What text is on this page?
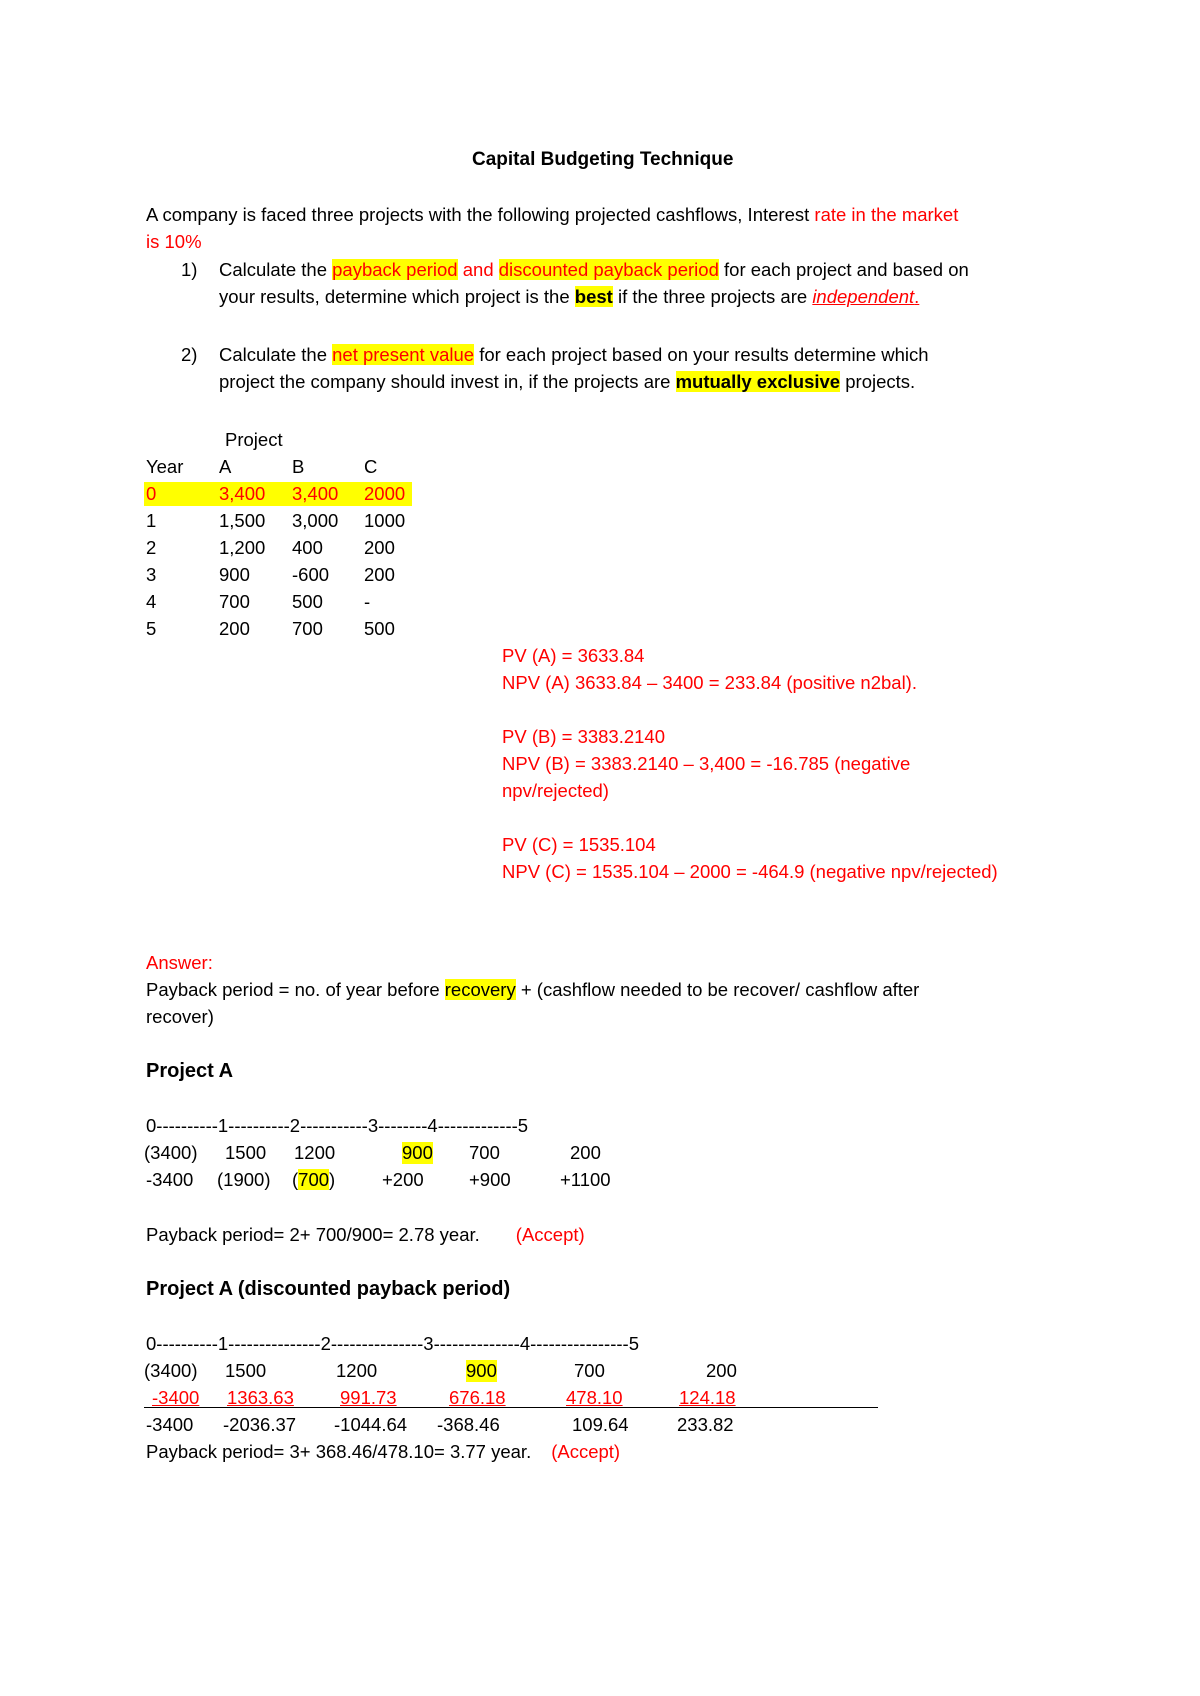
Capital Budgeting Technique
A company is faced three projects with the following projected cashflows, Interest rate in the market
is 10%
1) Calculate the payback period and discounted payback period for each project and based on
your results, determine which project is the best if the three projects are independent.
2) Calculate the net present value for each project based on your results determine which
project the company should invest in, if the projects are mutually exclusive projects.
Project
Year A	B	C
0	3,400 3,400 2000
1	1,500 3,000 1000
2	1,200 400 200
3	900 -600 200
4	700 500 -
5	200 700 500
PV (A) = 3633.84
NPV (A) 3633.84 – 3400 = 233.84 (positive n2bal).
PV (B) = 3383.2140
NPV (B) = 3383.2140 – 3,400 = -16.785 (negative
npv/rejected)
PV (C) = 1535.104
NPV (C) = 1535.104 – 2000 = -464.9 (negative npv/rejected)
Answer:
Payback period = no. of year before recovery + (cashflow needed to be recover/ cashflow after
recover)
Project A
0----------1----------2-----------3--------4-------------5
(3400) 1500 1200	900 700	200
-3400 (1900) (700)	+200 +900	+1100
Payback period= 2+ 700/900= 2.78 year. (Accept)
Project A (discounted payback period)
0----------1---------------2---------------3--------------4----------------5
(3400) 1500	1200	900	700	200
-3400 1363.63 991.73	676.18	478.10	124.18
-3400 -2036.37 -1044.64 -368.46	109.64	233.82
Payback period= 3+ 368.46/478.10= 3.77 year. (Accept)
